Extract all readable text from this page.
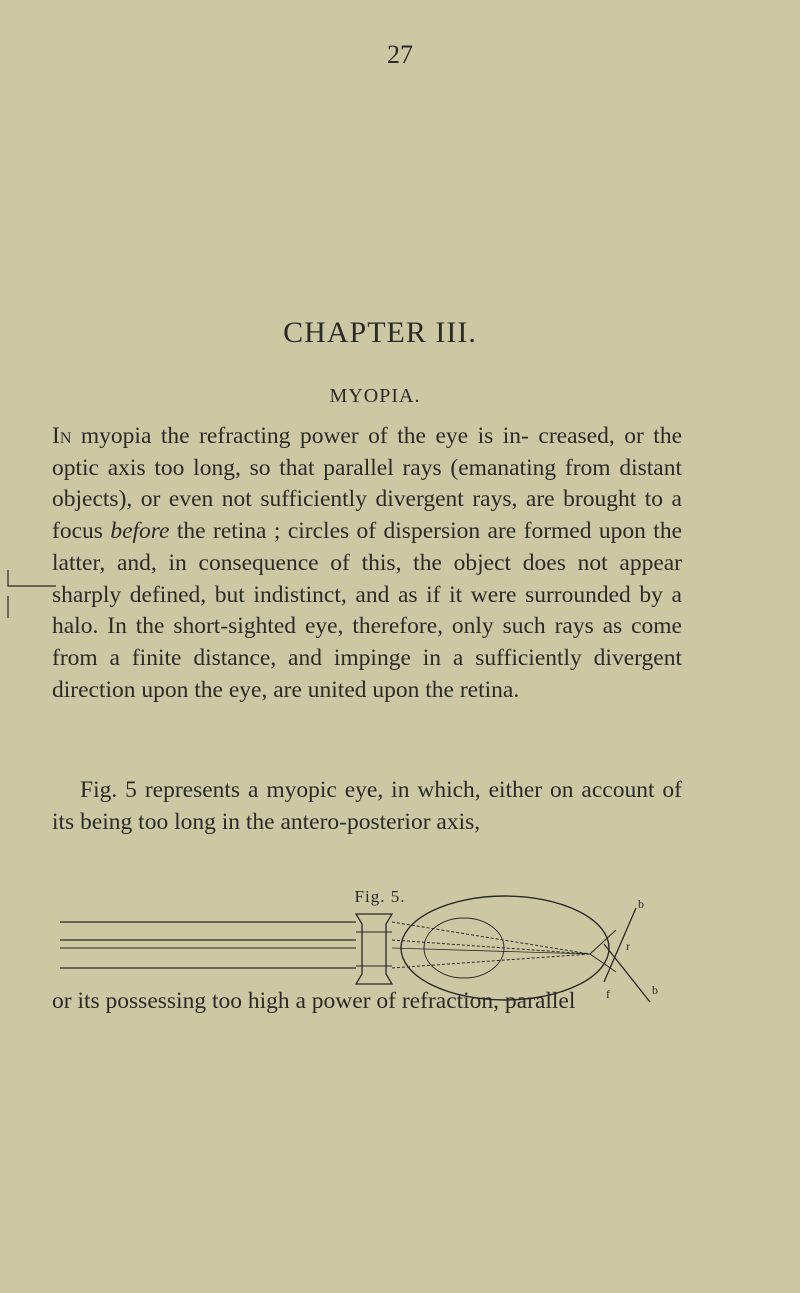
27
CHAPTER III.
MYOPIA.
In myopia the refracting power of the eye is in- creased, or the optic axis too long, so that parallel rays (emanating from distant objects), or even not sufficiently divergent rays, are brought to a focus before the retina ; circles of dispersion are formed upon the latter, and, in consequence of this, the object does not appear sharply defined, but indistinct, and as if it were surrounded by a halo. In the short-sighted eye, therefore, only such rays as come from a finite distance, and impinge in a sufficiently divergent direction upon the eye, are united upon the retina.
Fig. 5 represents a myopic eye, in which, either on account of its being too long in the antero-posterior axis,
Fig. 5.	b
r
f	b
or its possessing too high a power of refraction, parallel
